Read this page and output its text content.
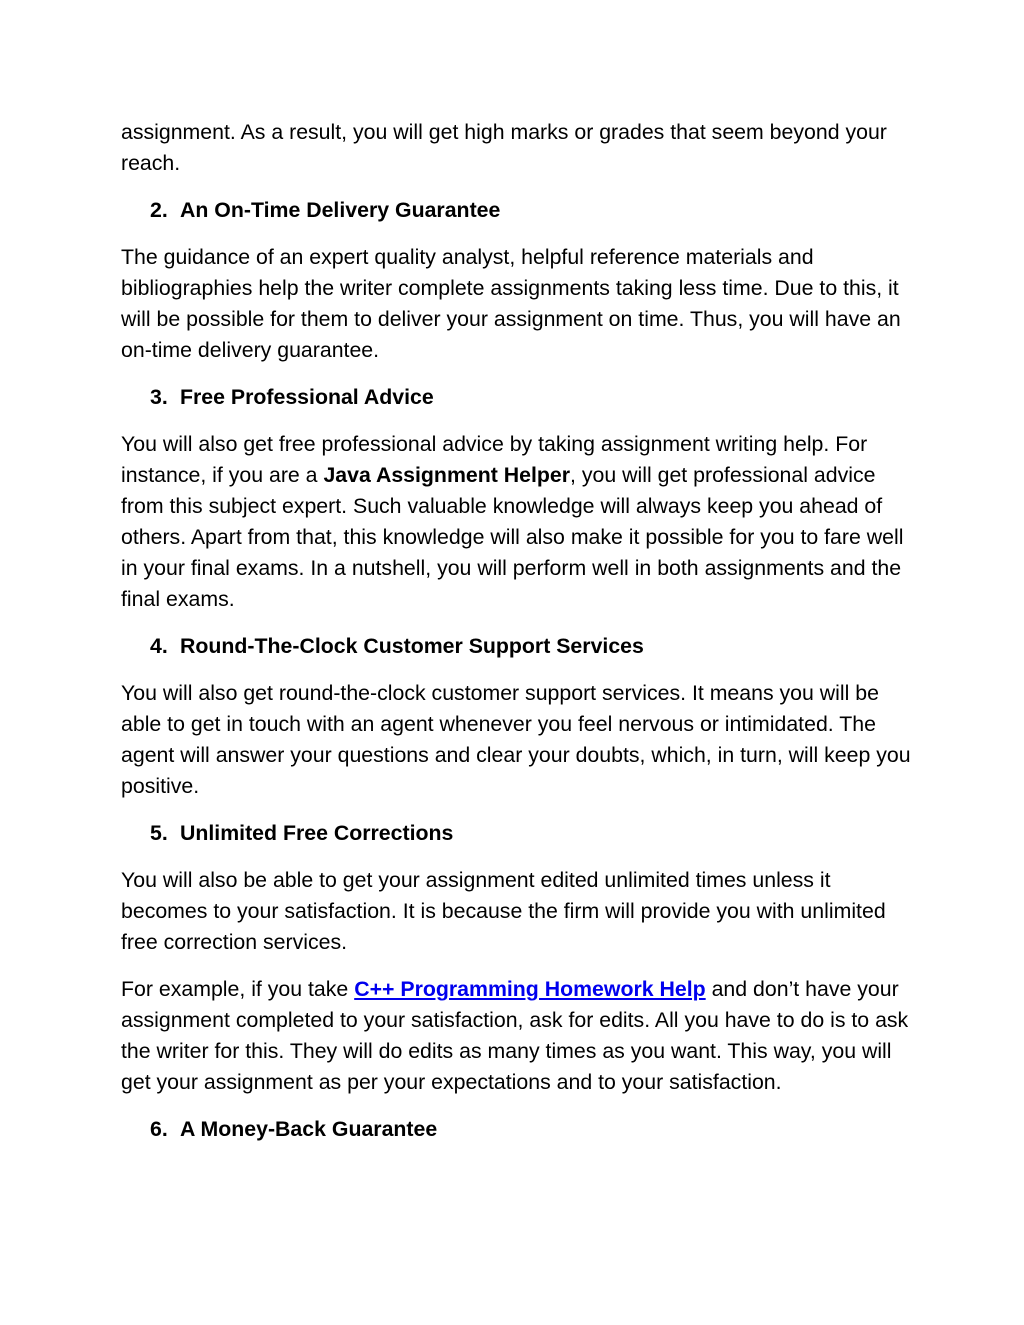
assignment. As a result, you will get high marks or grades that seem beyond your reach.

2. An On-Time Delivery Guarantee

The guidance of an expert quality analyst, helpful reference materials and bibliographies help the writer complete assignments taking less time. Due to this, it will be possible for them to deliver your assignment on time. Thus, you will have an on-time delivery guarantee.

3. Free Professional Advice

You will also get free professional advice by taking assignment writing help. For instance, if you are a Java Assignment Helper, you will get professional advice from this subject expert. Such valuable knowledge will always keep you ahead of others. Apart from that, this knowledge will also make it possible for you to fare well in your final exams. In a nutshell, you will perform well in both assignments and the final exams.

4. Round-The-Clock Customer Support Services

You will also get round-the-clock customer support services. It means you will be able to get in touch with an agent whenever you feel nervous or intimidated. The agent will answer your questions and clear your doubts, which, in turn, will keep you positive.

5. Unlimited Free Corrections

You will also be able to get your assignment edited unlimited times unless it becomes to your satisfaction. It is because the firm will provide you with unlimited free correction services.

For example, if you take C++ Programming Homework Help and don’t have your assignment completed to your satisfaction, ask for edits. All you have to do is to ask the writer for this. They will do edits as many times as you want. This way, you will get your assignment as per your expectations and to your satisfaction.

6. A Money-Back Guarantee
